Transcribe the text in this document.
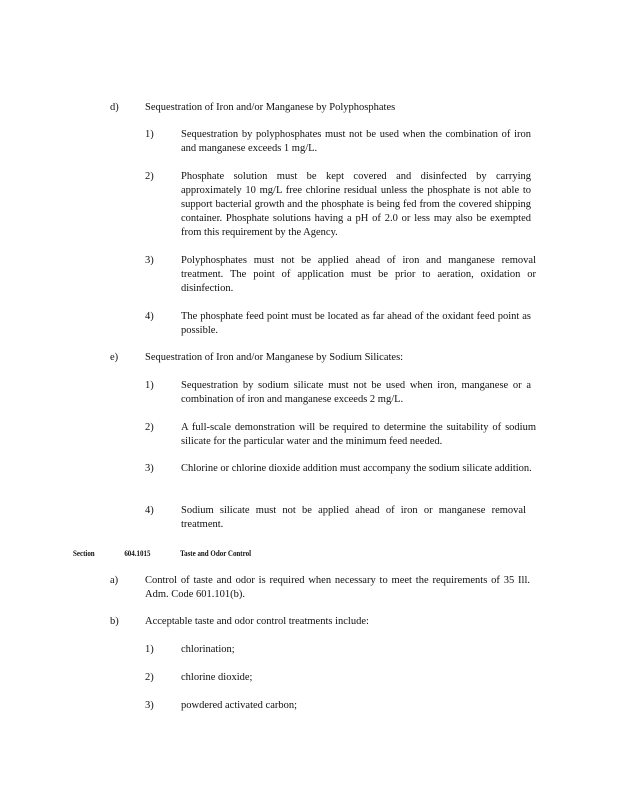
d)	Sequestration of Iron and/or Manganese by Polyphosphates
1)	Sequestration by polyphosphates must not be used when the combination of iron and manganese exceeds 1 mg/L.
2)	Phosphate solution must be kept covered and disinfected by carrying approximately 10 mg/L free chlorine residual unless the phosphate is not able to support bacterial growth and the phosphate is being fed from the covered shipping container. Phosphate solutions having a pH of 2.0 or less may also be exempted from this requirement by the Agency.
3)	Polyphosphates must not be applied ahead of iron and manganese removal treatment. The point of application must be prior to aeration, oxidation or disinfection.
4)	The phosphate feed point must be located as far ahead of the oxidant feed point as possible.
e)	Sequestration of Iron and/or Manganese by Sodium Silicates:
1)	Sequestration by sodium silicate must not be used when iron, manganese or a combination of iron and manganese exceeds 2 mg/L.
2)	A full-scale demonstration will be required to determine the suitability of sodium silicate for the particular water and the minimum feed needed.
3)	Chlorine or chlorine dioxide addition must accompany the sodium silicate addition.
4)	Sodium silicate must not be applied ahead of iron or manganese removal treatment.
Section	604.1015	Taste and Odor Control
a)	Control of taste and odor is required when necessary to meet the requirements of 35 Ill. Adm. Code 601.101(b).
b)	Acceptable taste and odor control treatments include:
1)	chlorination;
2)	chlorine dioxide;
3)	powdered activated carbon;
